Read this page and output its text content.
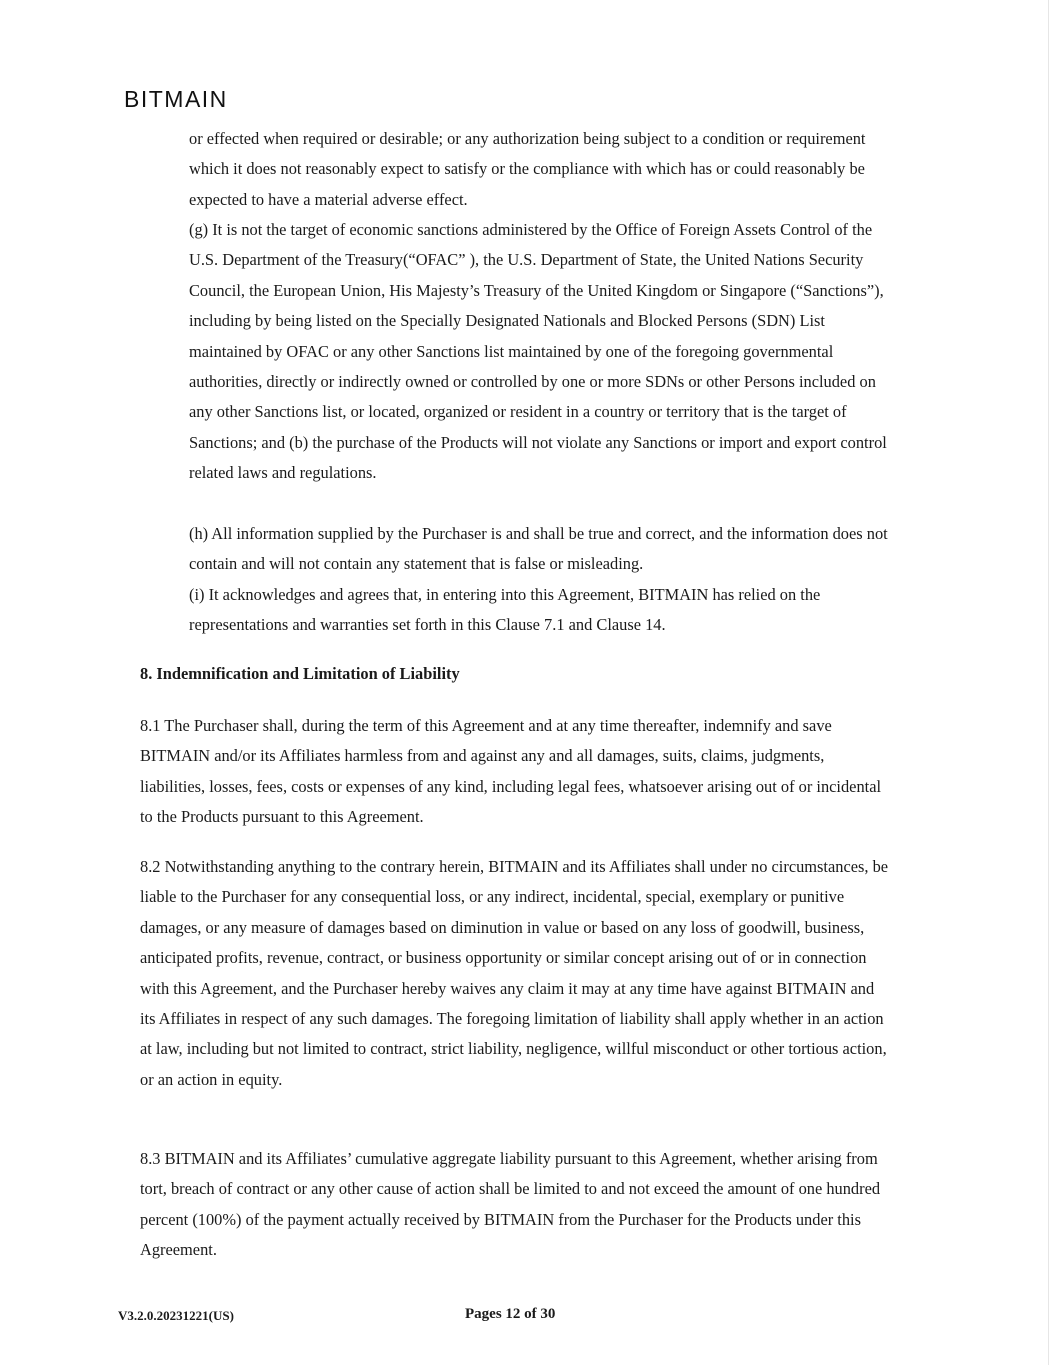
BITMAIN

or effected when required or desirable; or any authorization being subject to a condition or requirement which it does not reasonably expect to satisfy or the compliance with which has or could reasonably be expected to have a material adverse effect.

(g) It is not the target of economic sanctions administered by the Office of Foreign Assets Control of the U.S. Department of the Treasury(“OFAC” ), the U.S. Department of State, the United Nations Security Council, the European Union, His Majesty’s Treasury of the United Kingdom or Singapore (“Sanctions”), including by being listed on the Specially Designated Nationals and Blocked Persons (SDN) List maintained by OFAC or any other Sanctions list maintained by one of the foregoing governmental authorities, directly or indirectly owned or controlled by one or more SDNs or other Persons included on any other Sanctions list, or located, organized or resident in a country or territory that is the target of Sanctions; and (b) the purchase of the Products will not violate any Sanctions or import and export control related laws and regulations.

(h) All information supplied by the Purchaser is and shall be true and correct, and the information does not contain and will not contain any statement that is false or misleading.

(i) It acknowledges and agrees that, in entering into this Agreement, BITMAIN has relied on the representations and warranties set forth in this Clause 7.1 and Clause 14.

8. Indemnification and Limitation of Liability

8.1 The Purchaser shall, during the term of this Agreement and at any time thereafter, indemnify and save BITMAIN and/or its Affiliates harmless from and against any and all damages, suits, claims, judgments, liabilities, losses, fees, costs or expenses of any kind, including legal fees, whatsoever arising out of or incidental to the Products pursuant to this Agreement.

8.2 Notwithstanding anything to the contrary herein, BITMAIN and its Affiliates shall under no circumstances, be liable to the Purchaser for any consequential loss, or any indirect, incidental, special, exemplary or punitive damages, or any measure of damages based on diminution in value or based on any loss of goodwill, business, anticipated profits, revenue, contract, or business opportunity or similar concept arising out of or in connection with this Agreement, and the Purchaser hereby waives any claim it may at any time have against BITMAIN and its Affiliates in respect of any such damages. The foregoing limitation of liability shall apply whether in an action at law, including but not limited to contract, strict liability, negligence, willful misconduct or other tortious action, or an action in equity.

8.3 BITMAIN and its Affiliates’ cumulative aggregate liability pursuant to this Agreement, whether arising from tort, breach of contract or any other cause of action shall be limited to and not exceed the amount of one hundred percent (100%) of the payment actually received by BITMAIN from the Purchaser for the Products under this Agreement.

V3.2.0.20231221(US)	Pages 12 of 30
